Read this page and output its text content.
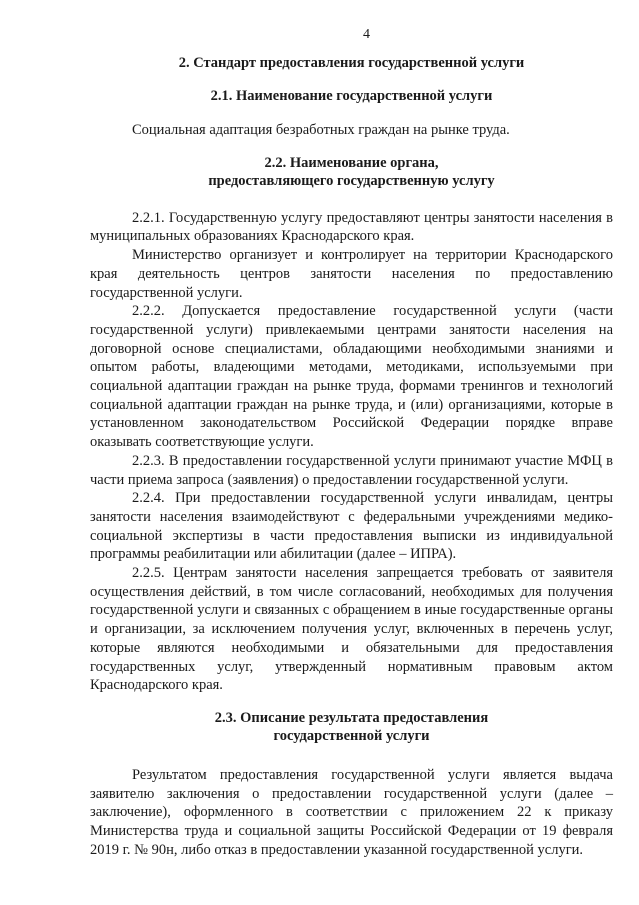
4
2. Стандарт предоставления государственной услуги
2.1. Наименование государственной услуги

Социальная адаптация безработных граждан на рынке труда.

2.2. Наименование органа,
предоставляющего государственную услугу

2.2.1. Государственную услугу предоставляют центры занятости населения в муниципальных образованиях Краснодарского края.

Министерство организует и контролирует на территории Краснодарского края деятельность центров занятости населения по предоставлению государственной услуги.

2.2.2. Допускается предоставление государственной услуги (части государственной услуги) привлекаемыми центрами занятости населения на договорной основе специалистами, обладающими необходимыми знаниями и опытом работы, владеющими методами, методиками, используемыми при социальной адаптации граждан на рынке труда, формами тренингов и технологий социальной адаптации граждан на рынке труда, и (или) организациями, которые в установленном законодательством Российской Федерации порядке вправе оказывать соответствующие услуги.

2.2.3. В предоставлении государственной услуги принимают участие МФЦ в части приема запроса (заявления) о предоставлении государственной услуги.

2.2.4. При предоставлении государственной услуги инвалидам, центры занятости населения взаимодействуют с федеральными учреждениями медико-социальной экспертизы в части предоставления выписки из индивидуальной программы реабилитации или абилитации (далее – ИПРА).

2.2.5. Центрам занятости населения запрещается требовать от заявителя осуществления действий, в том числе согласований, необходимых для получения государственной услуги и связанных с обращением в иные государственные органы и организации, за исключением получения услуг, включенных в перечень услуг, которые являются необходимыми и обязательными для предоставления государственных услуг, утвержденный нормативным правовым актом Краснодарского края.

2.3. Описание результата предоставления
государственной услуги

Результатом предоставления государственной услуги является выдача заявителю заключения о предоставлении государственной услуги (далее – заключение), оформленного в соответствии с приложением 22 к приказу Министерства труда и социальной защиты Российской Федерации от 19 февраля 2019 г. № 90н, либо отказ в предоставлении указанной государственной услуги.
